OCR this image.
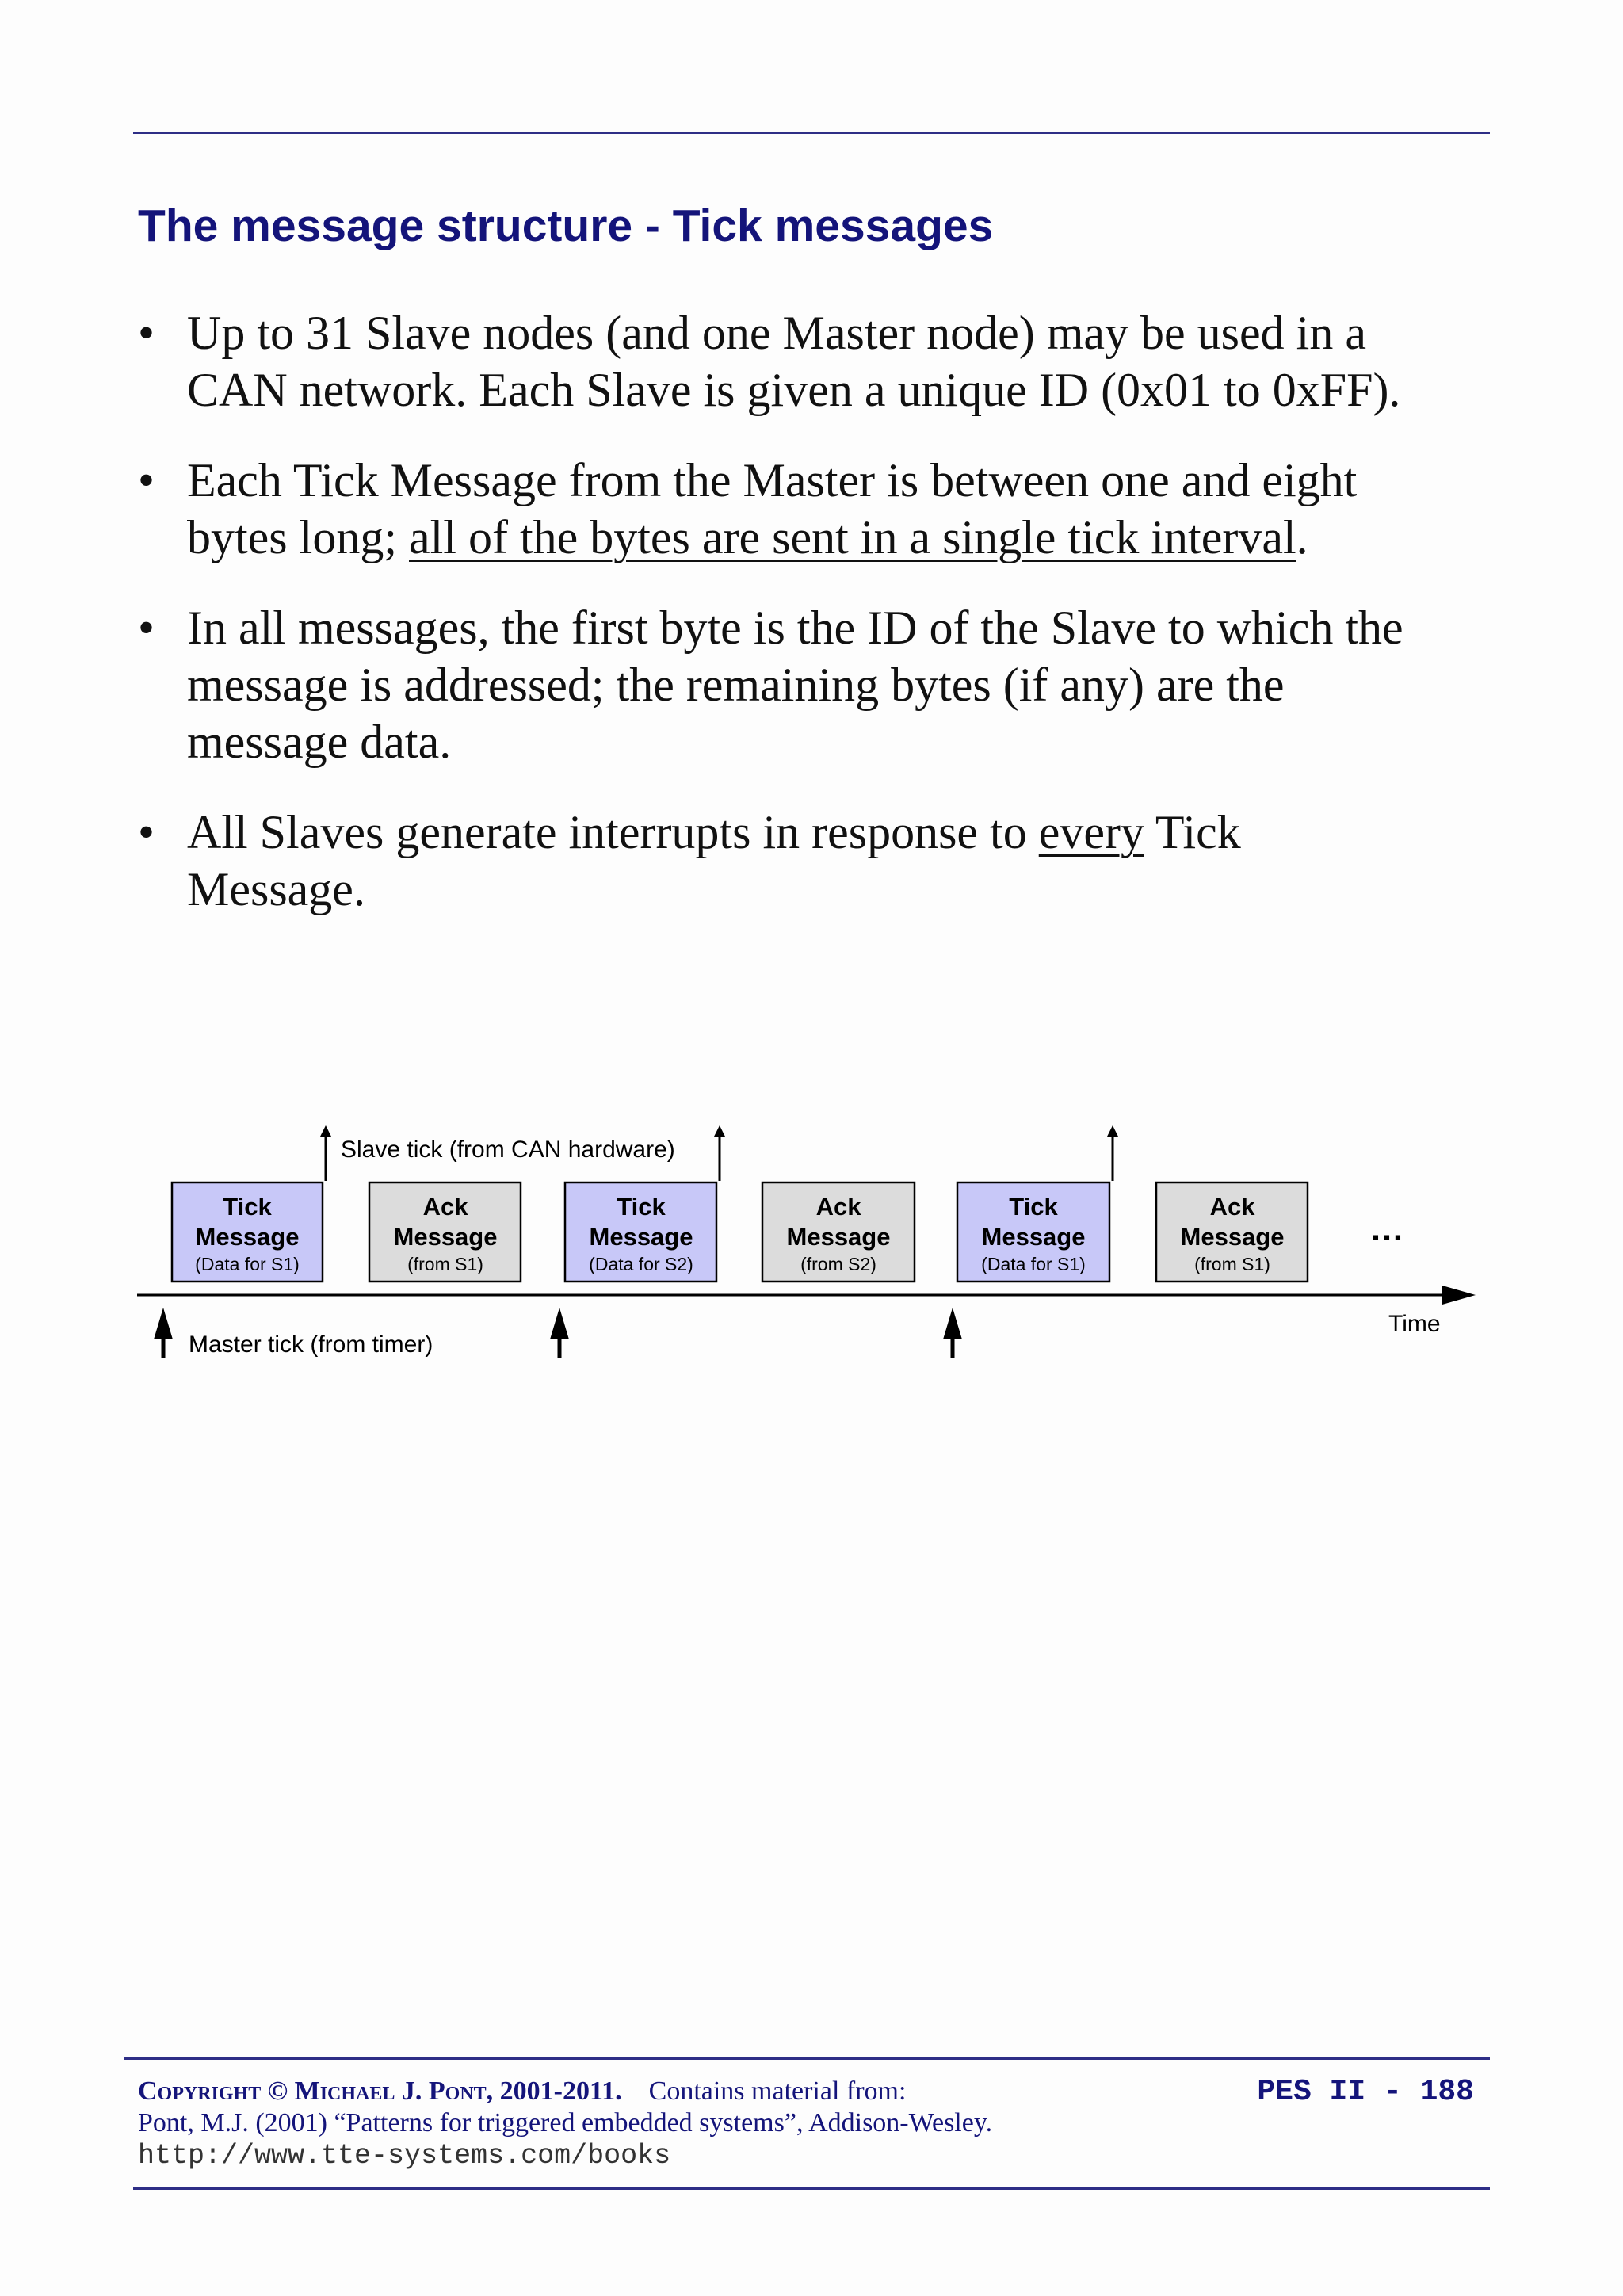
The message structure - Tick messages
• Up to 31 Slave nodes (and one Master node) may be used in a CAN network. Each Slave is given a unique ID (0x01 to 0xFF).
• Each Tick Message from the Master is between one and eight bytes long; all of the bytes are sent in a single tick interval.
• In all messages, the first byte is the ID of the Slave to which the message is addressed; the remaining bytes (if any) are the message data.
• All Slaves generate interrupts in response to every Tick Message.
Slave tick (from CAN hardware)
Tick
Message
(Data for S1)
Ack
Message
(from S1)
Tick
Message
(Data for S2)
Ack
Message
(from S2)
Tick
Message
(Data for S1)
Ack
Message
(from S1)
…
Time
Master tick (from timer)
Copyright © Michael J. Pont, 2001-2011. Contains material from:
Pont, M.J. (2001) “Patterns for triggered embedded systems”, Addison-Wesley.
http://www.tte-systems.com/books
PES II - 188
